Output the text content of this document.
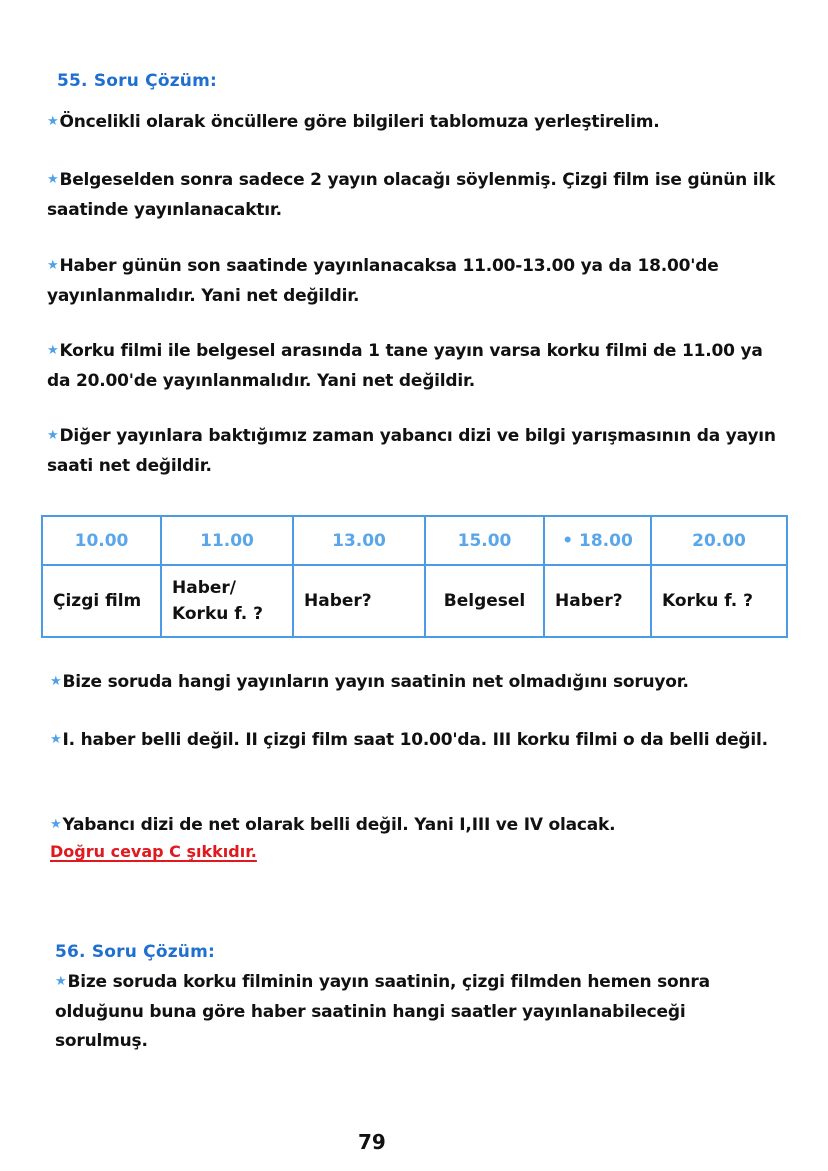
55. Soru Çözüm:
★Öncelikli olarak öncüllere göre bilgileri tablomuza yerleştirelim.
★Belgeselden sonra sadece 2 yayın olacağı söylenmiş. Çizgi film ise günün ilk saatinde yayınlanacaktır.
★Haber günün son saatinde yayınlanacaksa 11.00-13.00 ya da 18.00'de yayınlanmalıdır. Yani net değildir.
★Korku filmi ile belgesel arasında 1 tane yayın varsa korku filmi de 11.00 ya da 20.00'de yayınlanmalıdır. Yani net değildir.
★Diğer yayınlara baktığımız zaman yabancı dizi ve bilgi yarışmasının da yayın saati net değildir.
10.00	11.00	13.00	15.00	• 18.00	20.00
Çizgi film	Haber/ Korku f. ?	Haber?	Belgesel	Haber?	Korku f. ?
★Bize soruda hangi yayınların yayın saatinin net olmadığını soruyor.
★I. haber belli değil. II çizgi film saat 10.00'da. III korku filmi o da belli değil.
★Yabancı dizi de net olarak belli değil. Yani I,III ve IV olacak.
Doğru cevap C şıkkıdır.
56. Soru Çözüm:
★Bize soruda korku filminin yayın saatinin, çizgi filmden hemen sonra olduğunu buna göre haber saatinin hangi saatler yayınlanabileceği sorulmuş.
79
